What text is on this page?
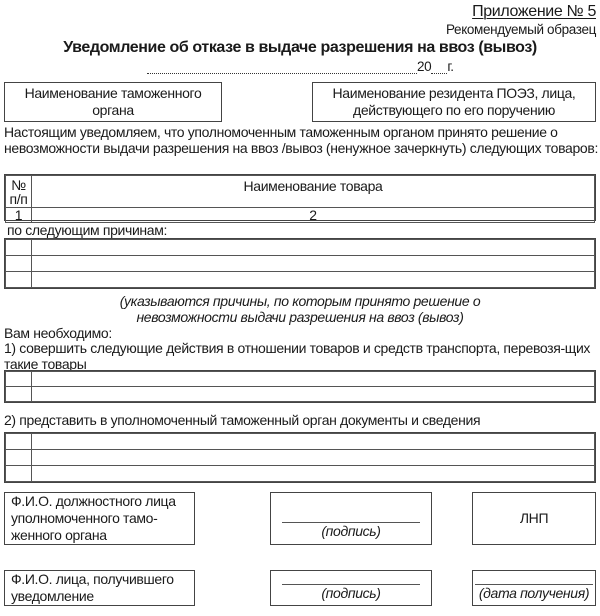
Приложение № 5
Рекомендуемый образец
Уведомление об отказе в выдаче разрешения на ввоз (вывоз)
20 г.
Наименование таможенного органа
Наименование резидента ПОЭЗ, лица, действующего по его поручению
Настоящим уведомляем, что уполномоченным таможенным органом принято решение о невозможности выдачи разрешения на ввоз /вывоз (ненужное зачеркнуть) следующих товаров:
№ п/п	Наименование товара
1	2
по следующим причинам:

(указываются причины, по которым принято решение о невозможности выдачи разрешения на ввоз (вывоз)
Вам необходимо:
1) совершить следующие действия в отношении товаров и средств транспорта, перевозя-щих такие товары

2) представить в уполномоченный таможенный орган документы и сведения

Ф.И.О. должностного лица уполномоченного тамо-женного органа	(подпись)
ЛНП
Ф.И.О. лица, получившего уведомление	(подпись)	(дата получения)
